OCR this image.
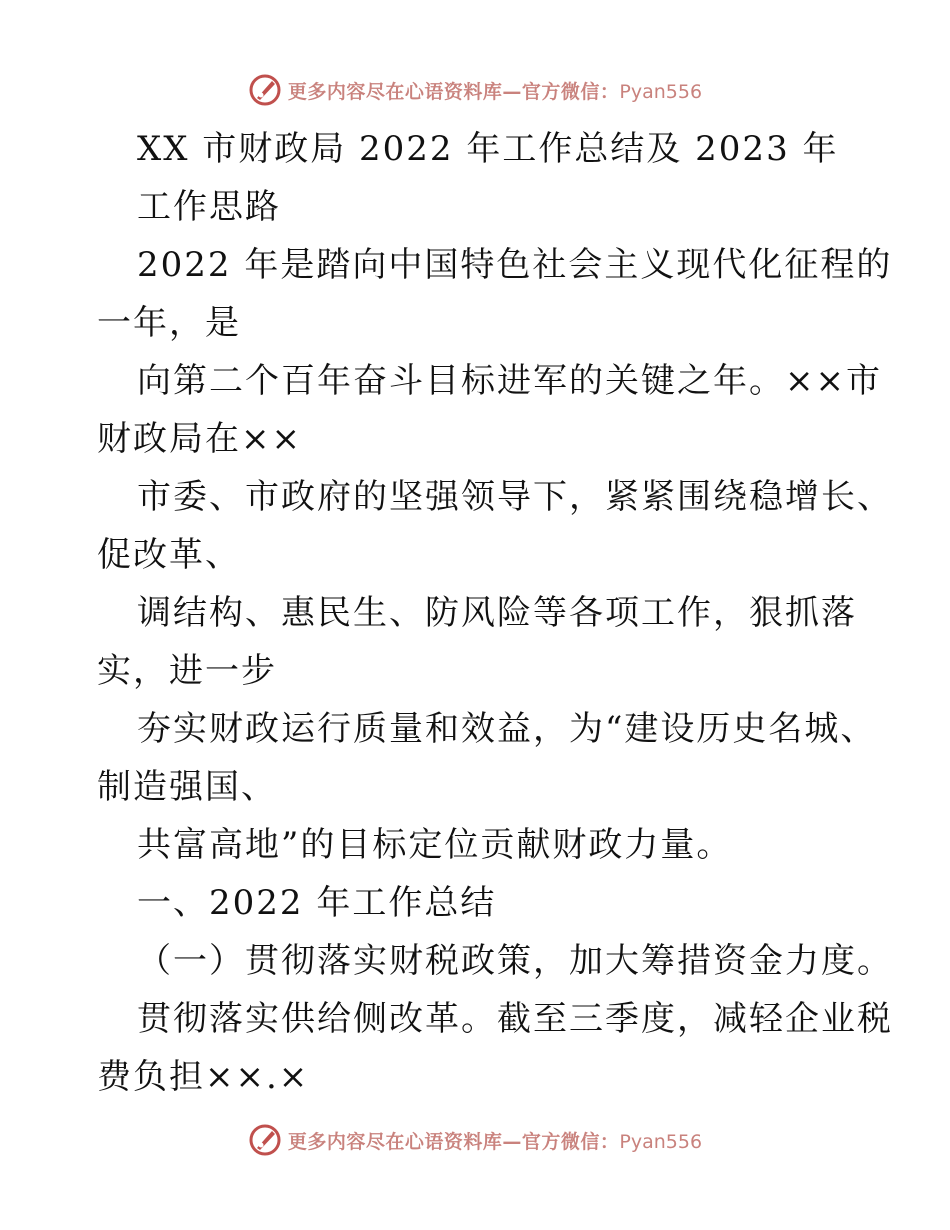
更多内容尽在心语资料库—官方微信：Pyan556
XX 市财政局 2022 年工作总结及 2023 年
工作思路
2022 年是踏向中国特色社会主义现代化征程的
一年，是
向第二个百年奋斗目标进军的关键之年。××市
财政局在××
市委、市政府的坚强领导下，紧紧围绕稳增长、
促改革、
调结构、惠民生、防风险等各项工作，狠抓落
实，进一步
夯实财政运行质量和效益，为“建设历史名城、
制造强国、
共富高地”的目标定位贡献财政力量。
一、2022 年工作总结
（一）贯彻落实财税政策，加大筹措资金力度。
贯彻落实供给侧改革。截至三季度，减轻企业税
费负担××.×
更多内容尽在心语资料库—官方微信：Pyan556
